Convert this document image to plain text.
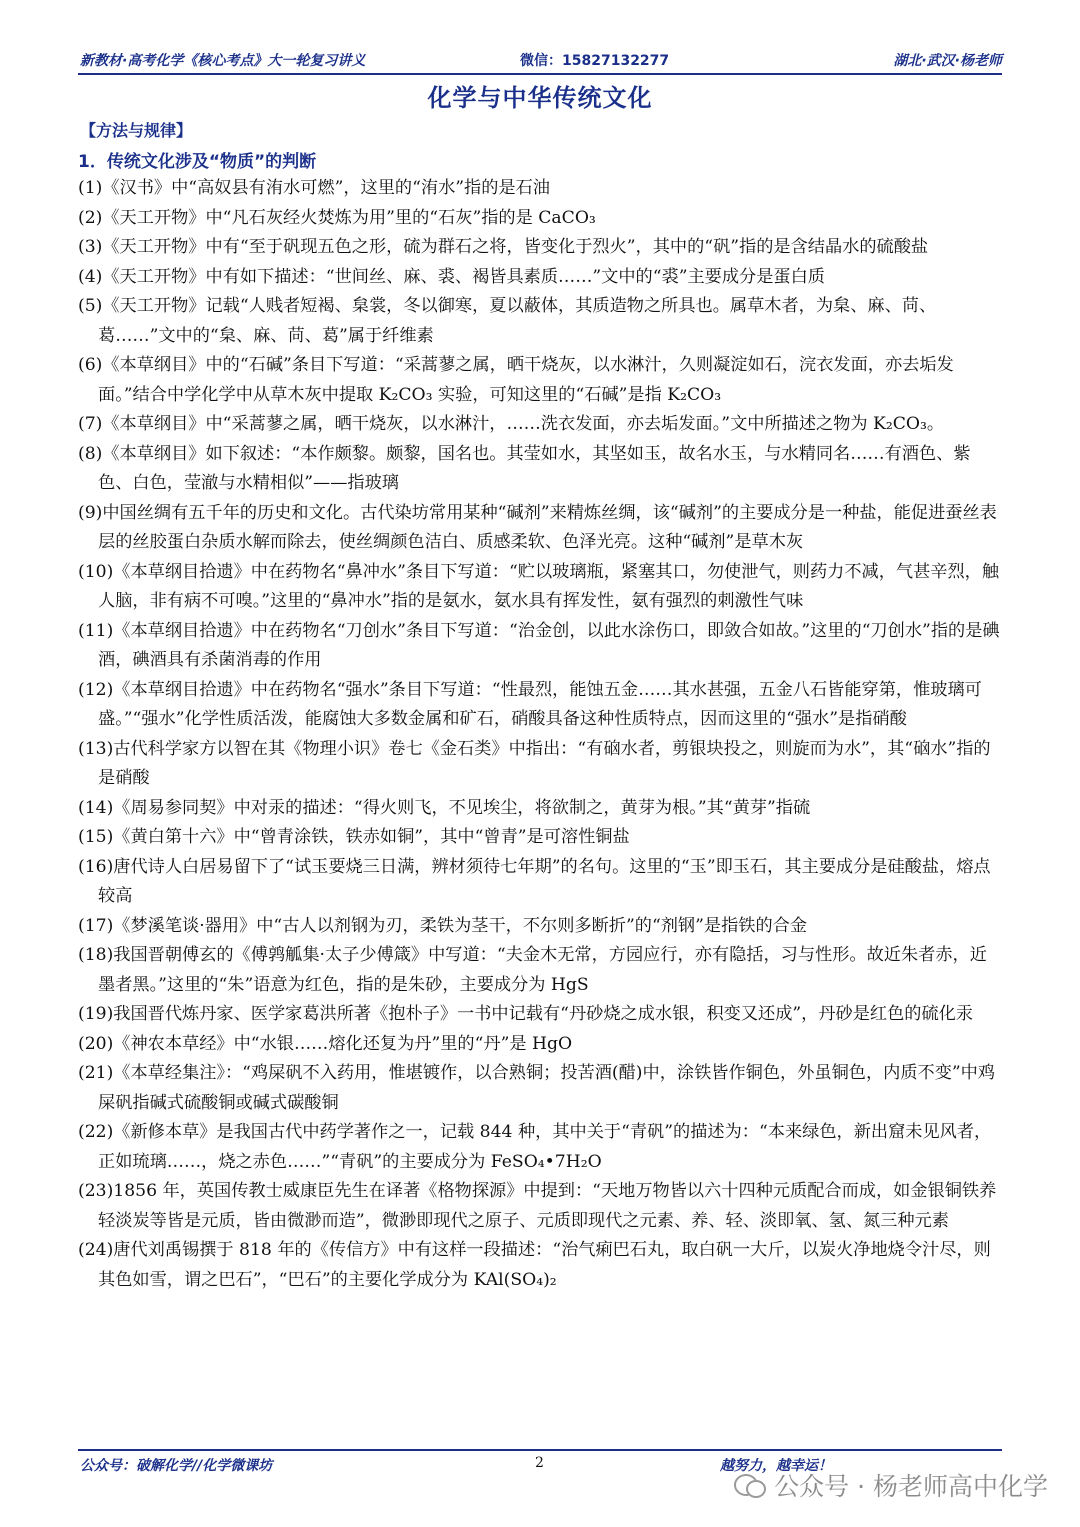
新教材·高考化学《核心考点》大一轮复习讲义	微信：15827132277	湖北·武汉·杨老师
化学与中华传统文化
【方法与规律】
1．传统文化涉及“物质”的判断

(1)《汉书》中“高奴县有洧水可燃”，这里的“洧水”指的是石油

(2)《天工开物》中“凡石灰经火焚炼为用”里的“石灰”指的是 CaCO₃

(3)《天工开物》中有“至于矾现五色之形，硫为群石之将，皆变化于烈火”，其中的“矾”指的是含结晶水的硫酸盐

(4)《天工开物》中有如下描述：“世间丝、麻、裘、褐皆具素质……”文中的“裘”主要成分是蛋白质

(5)《天工开物》记载“人贱者短褐、枲裳，冬以御寒，夏以蔽体，其质造物之所具也。属草木者，为枲、麻、苘、葛……”文中的“枲、麻、苘、葛”属于纤维素

(6)《本草纲目》中的“石碱”条目下写道：“采蒿蓼之属，晒干烧灰，以水淋汁，久则凝淀如石，浣衣发面，亦去垢发面。”结合中学化学中从草木灰中提取 K₂CO₃ 实验，可知这里的“石碱”是指 K₂CO₃

(7)《本草纲目》中“采蒿蓼之属，晒干烧灰，以水淋汁，……洗衣发面，亦去垢发面。”文中所描述之物为 K₂CO₃。

(8)《本草纲目》如下叙述：“本作颇黎。颇黎，国名也。其莹如水，其坚如玉，故名水玉，与水精同名……有酒色、紫色、白色，莹澈与水精相似”——指玻璃

(9)中国丝绸有五千年的历史和文化。古代染坊常用某种“碱剂”来精炼丝绸，该“碱剂”的主要成分是一种盐，能促进蚕丝表层的丝胶蛋白杂质水解而除去，使丝绸颜色洁白、质感柔软、色泽光亮。这种“碱剂”是草木灰

(10)《本草纲目拾遗》中在药物名“鼻冲水”条目下写道：“贮以玻璃瓶，紧塞其口，勿使泄气，则药力不减，气甚辛烈，触人脑，非有病不可嗅。”这里的“鼻冲水”指的是氨水，氨水具有挥发性，氨有强烈的刺激性气味

(11)《本草纲目拾遗》中在药物名“刀创水”条目下写道：“治金创，以此水涂伤口，即敛合如故。”这里的“刀创水”指的是碘酒，碘酒具有杀菌消毒的作用

(12)《本草纲目拾遗》中在药物名“强水”条目下写道：“性最烈，能蚀五金……其水甚强，五金八石皆能穿第，惟玻璃可盛。”“强水”化学性质活泼，能腐蚀大多数金属和矿石，硝酸具备这种性质特点，因而这里的“强水”是指硝酸

(13)古代科学家方以智在其《物理小识》卷七《金石类》中指出：“有硇水者，剪银块投之，则旋而为水”，其“硇水”指的是硝酸

(14)《周易参同契》中对汞的描述：“得火则飞，不见埃尘，将欲制之，黄芽为根。”其“黄芽”指硫

(15)《黄白第十六》中“曾青涂铁，铁赤如铜”，其中“曾青”是可溶性铜盐

(16)唐代诗人白居易留下了“试玉要烧三日满，辨材须待七年期”的名句。这里的“玉”即玉石，其主要成分是硅酸盐，熔点较高

(17)《梦溪笔谈·器用》中“古人以剂钢为刃，柔铁为茎干，不尔则多断折”的“剂钢”是指铁的合金

(18)我国晋朝傅玄的《傅鹑觚集·太子少傅箴》中写道：“夫金木无常，方园应行，亦有隐括，习与性形。故近朱者赤，近墨者黑。”这里的“朱”语意为红色，指的是朱砂，主要成分为 HgS

(19)我国晋代炼丹家、医学家葛洪所著《抱朴子》一书中记载有“丹砂烧之成水银，积变又还成”，丹砂是红色的硫化汞

(20)《神农本草经》中“水银……熔化还复为丹”里的“丹”是 HgO

(21)《本草经集注》：“鸡屎矾不入药用，惟堪镀作，以合熟铜；投苦酒(醋)中，涂铁皆作铜色，外虽铜色，内质不变”中鸡屎矾指碱式硫酸铜或碱式碳酸铜

(22)《新修本草》是我国古代中药学著作之一，记载 844 种，其中关于“青矾”的描述为：“本来绿色，新出窟未见风者，正如琉璃……，烧之赤色……”“青矾”的主要成分为 FeSO₄•7H₂O

(23)1856 年，英国传教士威康臣先生在译著《格物探源》中提到：“天地万物皆以六十四种元质配合而成，如金银铜铁养轻淡炭等皆是元质，皆由微渺而造”，微渺即现代之原子、元质即现代之元素、养、轻、淡即氧、氢、氮三种元素

(24)唐代刘禹锡撰于 818 年的《传信方》中有这样一段描述：“治气痢巴石丸，取白矾一大斤，以炭火净地烧令汁尽，则其色如雪，谓之巴石”，“巴石”的主要化学成分为 KAl(SO₄)₂

公众号：破解化学//化学微课坊	2	越努力，越幸运！
公众号 · 杨老师高中化学
